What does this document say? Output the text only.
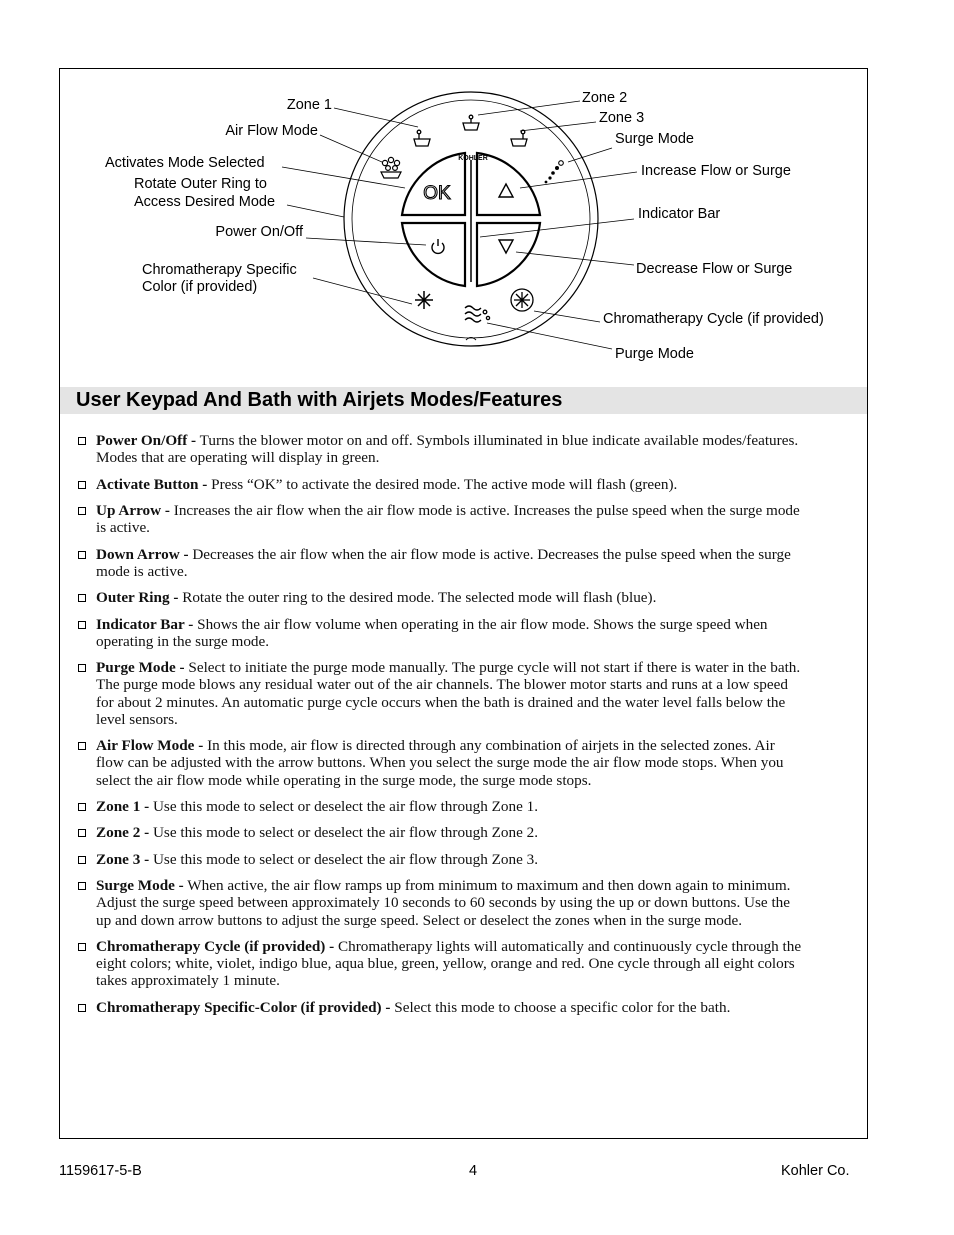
KOHLER
OK
Zone 1
Air Flow Mode
Activates Mode Selected
Rotate Outer Ring to
Access Desired Mode
Power On/Off
Chromatherapy Specific
Color (if provided)
Zone 2
Zone 3
Surge Mode
Increase Flow or Surge
Indicator Bar
Decrease Flow or Surge
Chromatherapy Cycle (if provided)
Purge Mode
User Keypad And Bath with Airjets Modes/Features
Power On/Off - Turns the blower motor on and off. Symbols illuminated in blue indicate available modes/features. Modes that are operating will display in green.
Activate Button - Press “OK” to activate the desired mode. The active mode will flash (green).
Up Arrow - Increases the air flow when the air flow mode is active. Increases the pulse speed when the surge mode is active.
Down Arrow - Decreases the air flow when the air flow mode is active. Decreases the pulse speed when the surge mode is active.
Outer Ring - Rotate the outer ring to the desired mode. The selected mode will flash (blue).
Indicator Bar - Shows the air flow volume when operating in the air flow mode. Shows the surge speed when operating in the surge mode.
Purge Mode - Select to initiate the purge mode manually. The purge cycle will not start if there is water in the bath. The purge mode blows any residual water out of the air channels. The blower motor starts and runs at a low speed for about 2 minutes. An automatic purge cycle occurs when the bath is drained and the water level falls below the level sensors.
Air Flow Mode - In this mode, air flow is directed through any combination of airjets in the selected zones. Air flow can be adjusted with the arrow buttons. When you select the surge mode the air flow mode stops. When you select the air flow mode while operating in the surge mode, the surge mode stops.
Zone 1 - Use this mode to select or deselect the air flow through Zone 1.
Zone 2 - Use this mode to select or deselect the air flow through Zone 2.
Zone 3 - Use this mode to select or deselect the air flow through Zone 3.
Surge Mode - When active, the air flow ramps up from minimum to maximum and then down again to minimum. Adjust the surge speed between approximately 10 seconds to 60 seconds by using the up or down buttons. Use the up and down arrow buttons to adjust the surge speed. Select or deselect the zones when in the surge mode.
Chromatherapy Cycle (if provided) - Chromatherapy lights will automatically and continuously cycle through the eight colors; white, violet, indigo blue, aqua blue, green, yellow, orange and red. One cycle through all eight colors takes approximately 1 minute.
Chromatherapy Specific-Color (if provided) - Select this mode to choose a specific color for the bath.
1159617-5-B	4	Kohler Co.
